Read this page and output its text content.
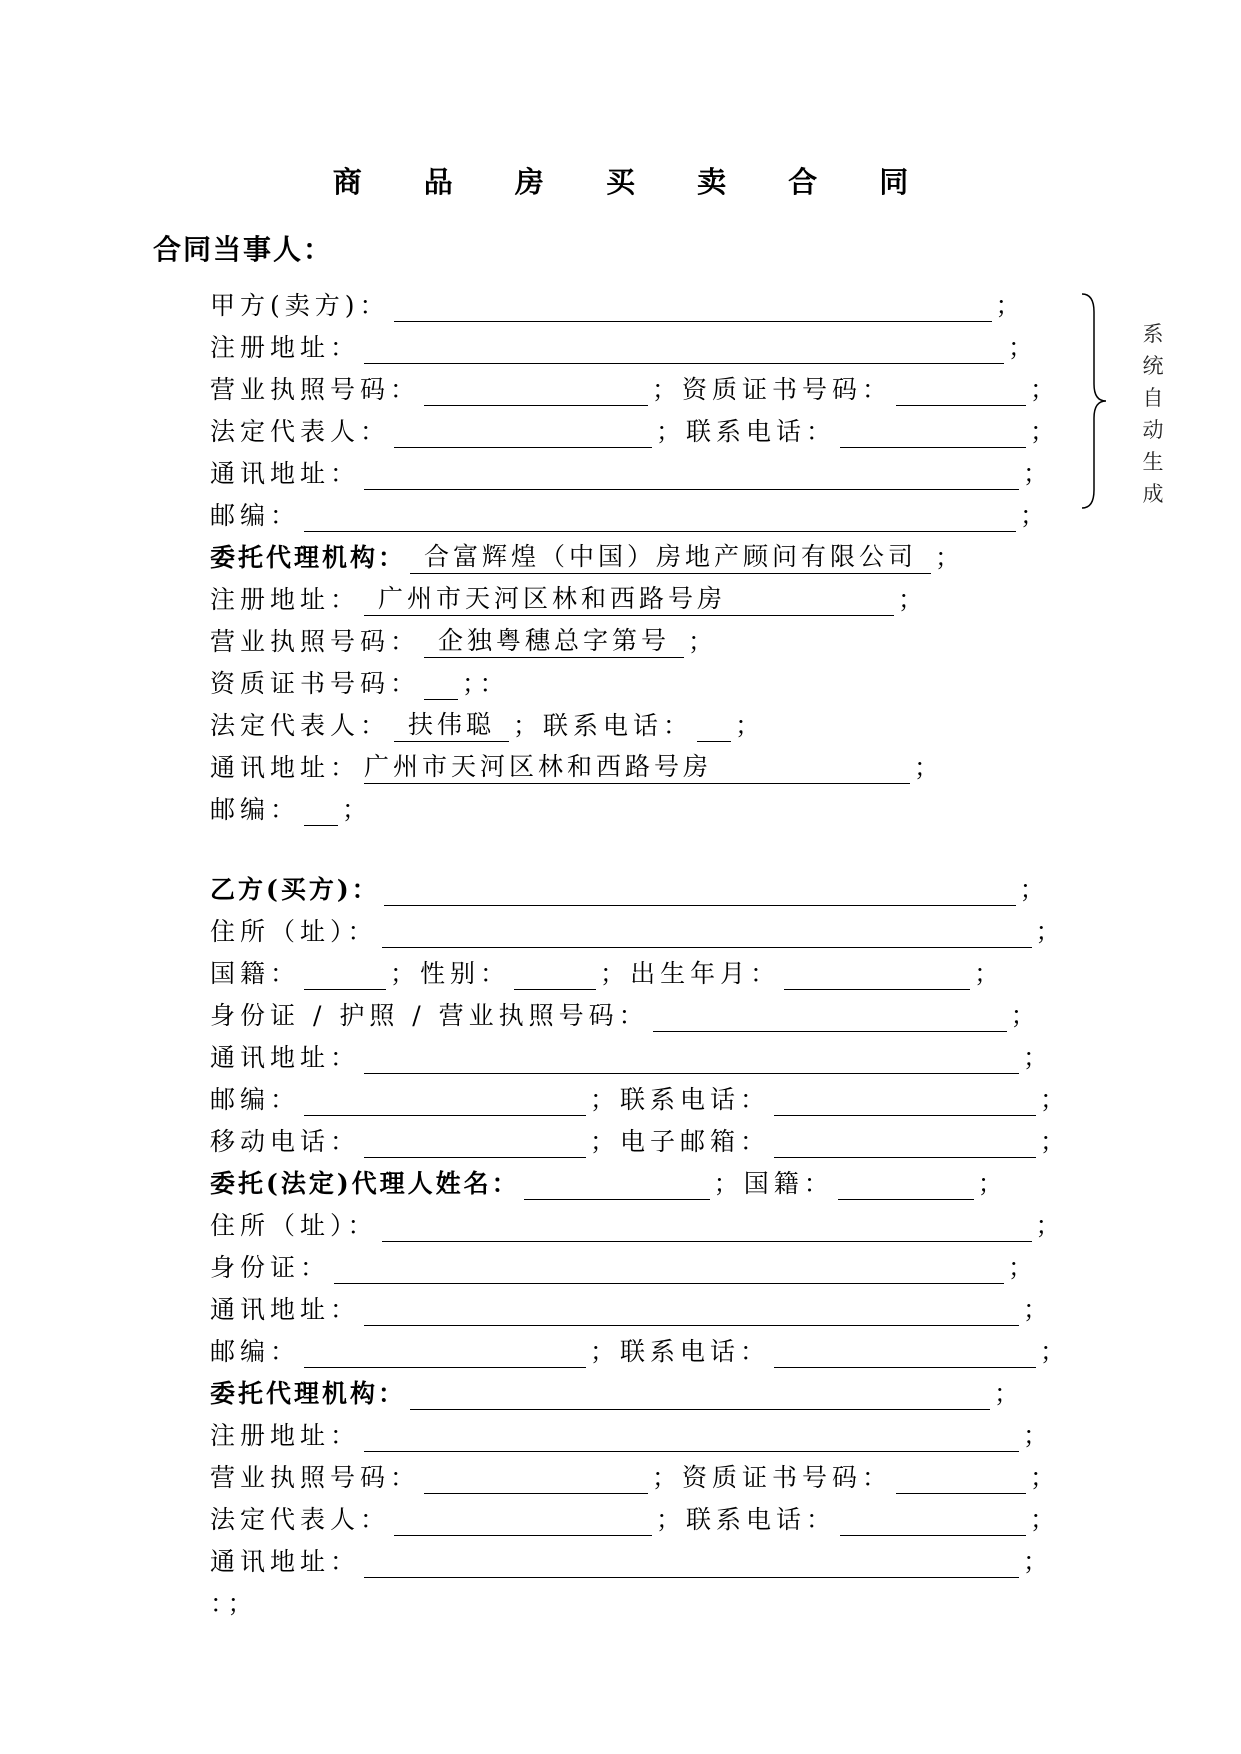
商 品 房 买 卖 合 同
合同当事人：
甲方(卖方)：	；
注册地址：	；
营业执照号码：	； 资质证书号码：	；
法定代表人：	； 联系电话：	；
通讯地址：	；
邮编：	；
系
统
自
动
生
成
委托代理机构： 合富辉煌（中国）房地产顾问有限公司 ；
注册地址： 广州市天河区林和西路号房	；
营业执照号码： 企独粤穗总字第号 ；
资质证书号码： ；：
法定代表人： 扶伟聪 ； 联系电话： ；
通讯地址： 广州市天河区林和西路号房	；
邮编： ；
乙方(买方)：	；
住所（址）：	；
国籍：	； 性别：	； 出生年月：	；
身份证 / 护照 / 营业执照号码：	；
通讯地址：	；
邮编：	； 联系电话：	；
移动电话：	； 电子邮箱：	；
委托(法定)代理人姓名：	； 国籍：	；
住所（址）：	；
身份证：	；
通讯地址：	；
邮编：	； 联系电话：	；
委托代理机构：	；
注册地址：	；
营业执照号码：	； 资质证书号码：	；
法定代表人：	； 联系电话：	；
通讯地址：	；
：；
